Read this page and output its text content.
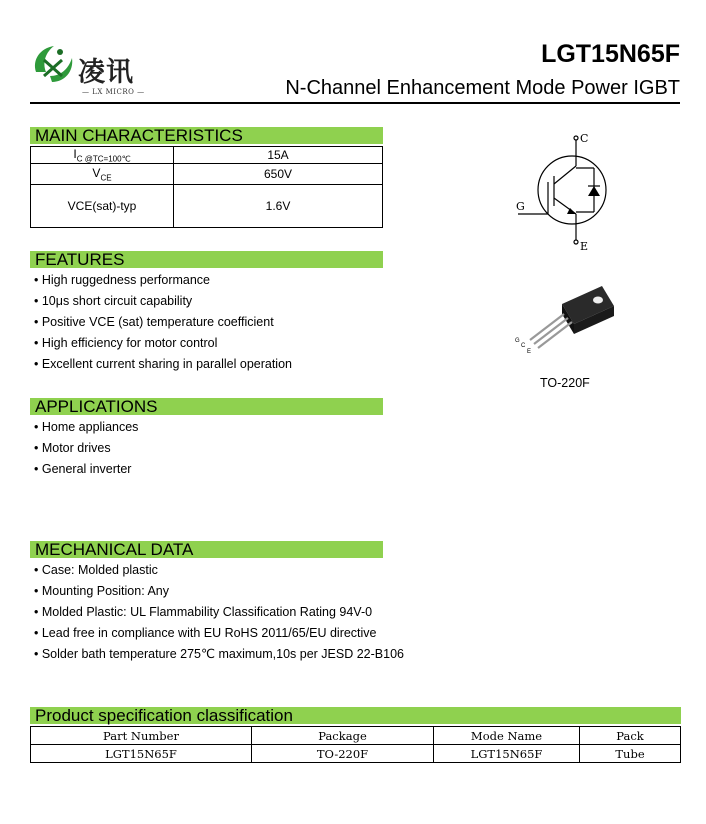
凌讯
— LX MICRO —
LGT15N65F
N-Channel Enhancement Mode Power IGBT
MAIN CHARACTERISTICS
$I_{C @TC=100℃}$	15A
$V_{CE}$	650V
VCE(sat)-typ	1.6V
C
G
E
G
C
E
TO-220F
FEATURES
• High ruggedness performance
• 10μs short circuit capability
• Positive VCE (sat) temperature coefficient
• High efficiency for motor control
• Excellent current sharing in parallel operation
APPLICATIONS
• Home appliances
• Motor drives
• General inverter
MECHANICAL DATA
• Case: Molded plastic
• Mounting Position: Any
• Molded Plastic: UL Flammability Classification Rating 94V-0
• Lead free in compliance with EU RoHS 2011/65/EU directive
• Solder bath temperature 275℃ maximum,10s per JESD 22-B106
Product specification classification
Part Number	Package	Mode Name	Pack
LGT15N65F	TO-220F	LGT15N65F	Tube
